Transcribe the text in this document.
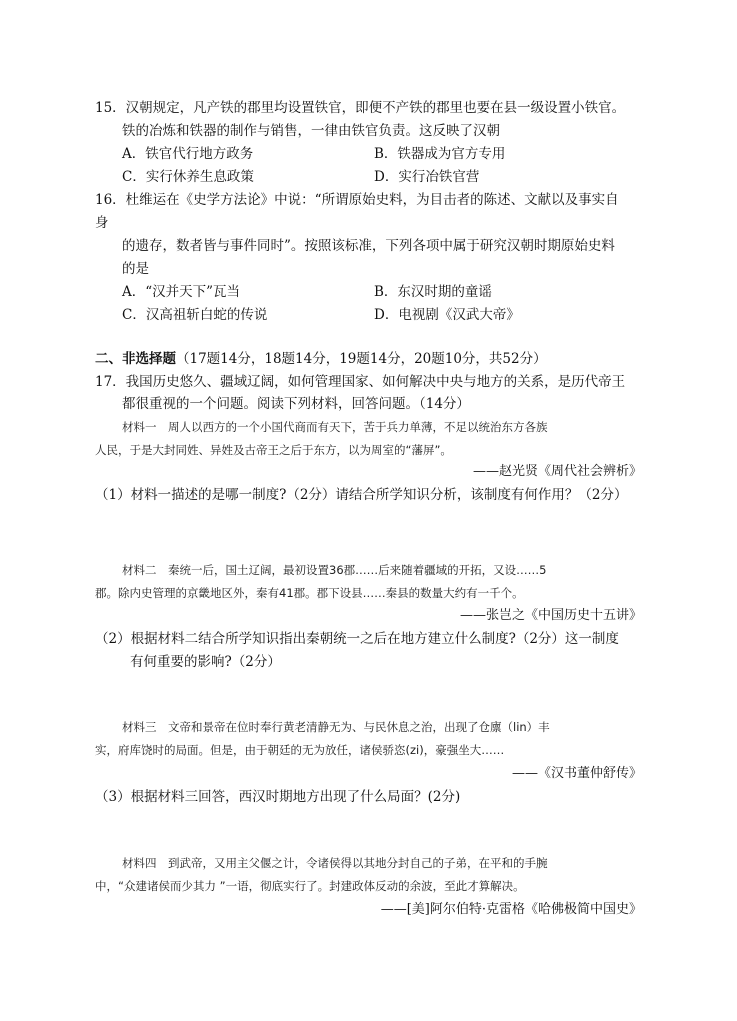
15．汉朝规定，凡产铁的郡里均设置铁官，即便不产铁的郡里也要在县一级设置小铁官。
铁的冶炼和铁器的制作与销售，一律由铁官负责。这反映了汉朝
A．铁官代行地方政务	B．铁器成为官方专用
C．实行休养生息政策	D．实行冶铁官营
16．杜维运在《史学方法论》中说：“所谓原始史料，为目击者的陈述、文献以及事实自
身
的遗存，数者皆与事件同时”。按照该标准，下列各项中属于研究汉朝时期原始史料
的是
A．“汉并天下”瓦当	B．东汉时期的童谣
C．汉高祖斩白蛇的传说	D．电视剧《汉武大帝》
二、非选择题（17题14分，18题14分，19题14分，20题10分，共52分）
17．我国历史悠久、疆域辽阔，如何管理国家、如何解决中央与地方的关系，是历代帝王
都很重视的一个问题。阅读下列材料，回答问题。（14分）
材料一　周人以西方的一个小国代商而有天下，苦于兵力单薄，不足以统治东方各族
人民，于是大封同姓、异姓及古帝王之后于东方，以为周室的“藩屏”。
——赵光贤《周代社会辨析》
（1）材料一描述的是哪一制度?（2分）请结合所学知识分析，该制度有何作用？（2分）
材料二　秦统一后，国土辽阔，最初设置36郡……后来随着疆域的开拓，又设……5
郡。除内史管理的京畿地区外，秦有41郡。郡下设县……秦县的数量大约有一千个。
——张岂之《中国历史十五讲》
（2）根据材料二结合所学知识指出秦朝统一之后在地方建立什么制度?（2分）这一制度
有何重要的影响?（2分）
材料三　文帝和景帝在位时奉行黄老清静无为、与民休息之治，出现了仓廪（lin）丰
实，府库饶时的局面。但是，由于朝廷的无为放任，诸侯骄恣(zi)，豪强坐大……
——《汉书董仲舒传》
（3）根据材料三回答，西汉时期地方出现了什么局面？(2分)
材料四　到武帝，又用主父偃之计，令诸侯得以其地分封自己的子弟，在平和的手腕
中，“众建诸侯而少其力 ”一语，彻底实行了。封建政体反动的余波，至此才算解决。
——[美]阿尔伯特·克雷格《哈佛极简中国史》
